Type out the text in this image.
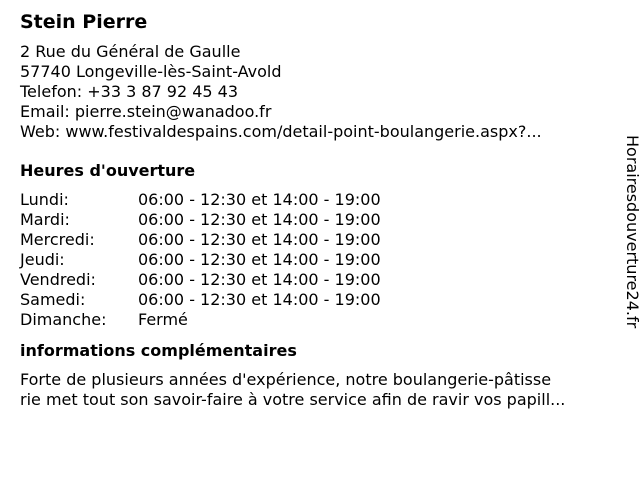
Stein Pierre
2 Rue du Général de Gaulle
57740 Longeville-lès-Saint-Avold
Telefon: +33 3 87 92 45 43
Email: pierre.stein@wanadoo.fr
Web: www.festivaldespains.com/detail-point-boulangerie.aspx?...
Heures d'ouverture
Lundi:	06:00 - 12:30 et 14:00 - 19:00
Mardi:	06:00 - 12:30 et 14:00 - 19:00
Mercredi:	06:00 - 12:30 et 14:00 - 19:00
Jeudi:	06:00 - 12:30 et 14:00 - 19:00
Vendredi:	06:00 - 12:30 et 14:00 - 19:00
Samedi:	06:00 - 12:30 et 14:00 - 19:00
Dimanche:	Fermé
informations complémentaires
Forte de plusieurs années d'expérience, notre boulangerie-pâtisse
rie met tout son savoir-faire à votre service afin de ravir vos papill...
Horairesdouverture24.fr
